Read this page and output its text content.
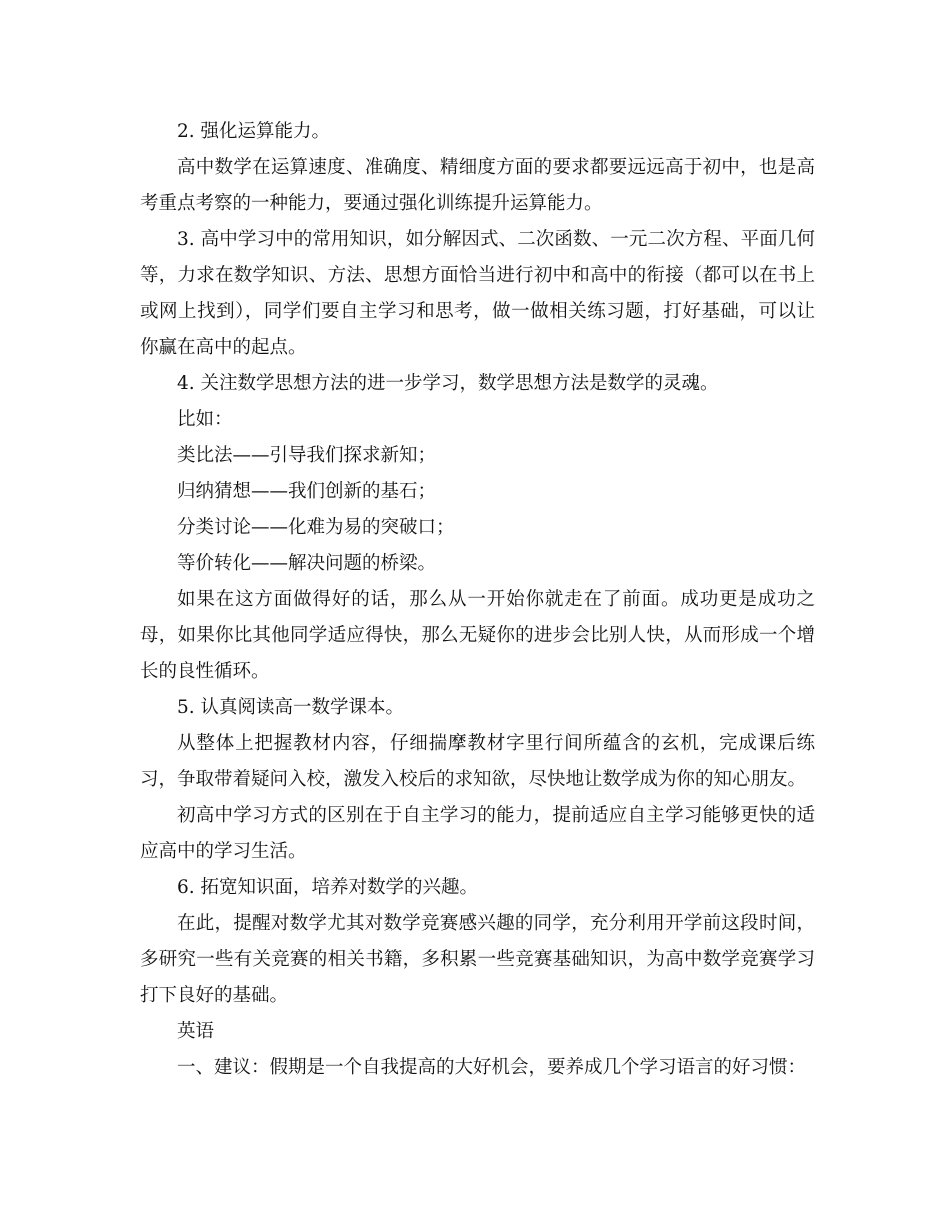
2. 强化运算能力。

高中数学在运算速度、准确度、精细度方面的要求都要远远高于初中，也是高考重点考察的一种能力，要通过强化训练提升运算能力。

3. 高中学习中的常用知识，如分解因式、二次函数、一元二次方程、平面几何等，力求在数学知识、方法、思想方面恰当进行初中和高中的衔接（都可以在书上或网上找到），同学们要自主学习和思考，做一做相关练习题，打好基础，可以让你赢在高中的起点。

4. 关注数学思想方法的进一步学习，数学思想方法是数学的灵魂。

比如：

类比法——引导我们探求新知；

归纳猜想——我们创新的基石；

分类讨论——化难为易的突破口；

等价转化——解决问题的桥梁。

如果在这方面做得好的话，那么从一开始你就走在了前面。成功更是成功之母，如果你比其他同学适应得快，那么无疑你的进步会比别人快，从而形成一个增长的良性循环。

5. 认真阅读高一数学课本。

从整体上把握教材内容，仔细揣摩教材字里行间所蕴含的玄机，完成课后练习，争取带着疑问入校，激发入校后的求知欲，尽快地让数学成为你的知心朋友。

初高中学习方式的区别在于自主学习的能力，提前适应自主学习能够更快的适应高中的学习生活。

6. 拓宽知识面，培养对数学的兴趣。

在此，提醒对数学尤其对数学竞赛感兴趣的同学，充分利用开学前这段时间，多研究一些有关竞赛的相关书籍，多积累一些竞赛基础知识，为高中数学竞赛学习打下良好的基础。

英语

一、建议：假期是一个自我提高的大好机会，要养成几个学习语言的好习惯：
